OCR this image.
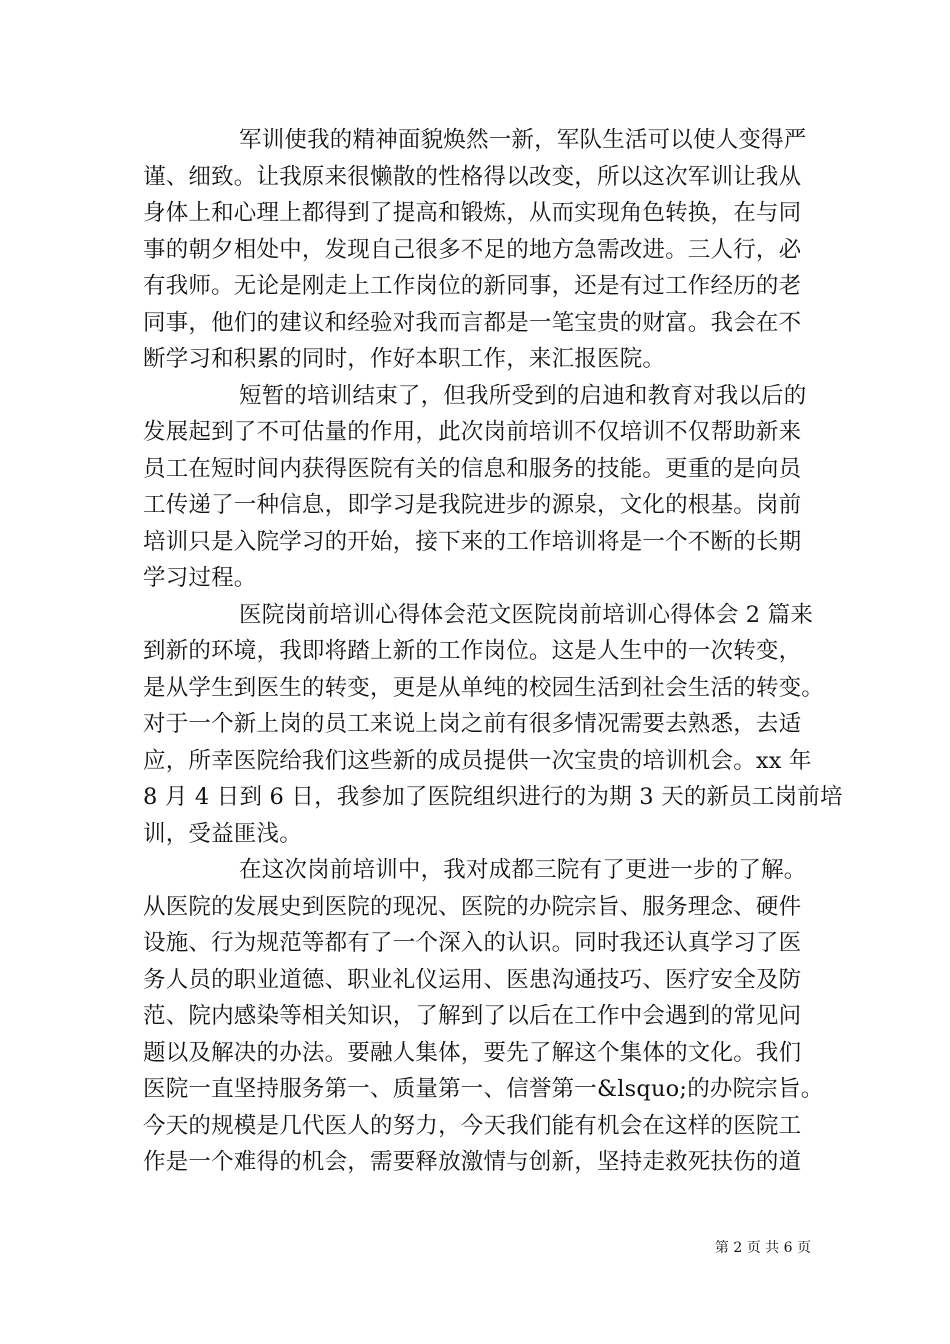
军训使我的精神面貌焕然一新，军队生活可以使人变得严
谨、细致。让我原来很懒散的性格得以改变，所以这次军训让我从
身体上和心理上都得到了提高和锻炼，从而实现角色转换，在与同
事的朝夕相处中，发现自己很多不足的地方急需改进。三人行，必
有我师。无论是刚走上工作岗位的新同事，还是有过工作经历的老
同事，他们的建议和经验对我而言都是一笔宝贵的财富。我会在不
断学习和积累的同时，作好本职工作，来汇报医院。
短暂的培训结束了，但我所受到的启迪和教育对我以后的
发展起到了不可估量的作用，此次岗前培训不仅培训不仅帮助新来
员工在短时间内获得医院有关的信息和服务的技能。更重的是向员
工传递了一种信息，即学习是我院进步的源泉，文化的根基。岗前
培训只是入院学习的开始，接下来的工作培训将是一个不断的长期
学习过程。
医院岗前培训心得体会范文医院岗前培训心得体会 2 篇来
到新的环境，我即将踏上新的工作岗位。这是人生中的一次转变，
是从学生到医生的转变，更是从单纯的校园生活到社会生活的转变。
对于一个新上岗的员工来说上岗之前有很多情况需要去熟悉，去适
应，所幸医院给我们这些新的成员提供一次宝贵的培训机会。xx 年
8 月 4 日到 6 日，我参加了医院组织进行的为期 3 天的新员工岗前培
训，受益匪浅。
在这次岗前培训中，我对成都三院有了更进一步的了解。
从医院的发展史到医院的现况、医院的办院宗旨、服务理念、硬件
设施、行为规范等都有了一个深入的认识。同时我还认真学习了医
务人员的职业道德、职业礼仪运用、医患沟通技巧、医疗安全及防
范、院内感染等相关知识，了解到了以后在工作中会遇到的常见问
题以及解决的办法。要融人集体，要先了解这个集体的文化。我们
医院一直坚持服务第一、质量第一、信誉第一&lsquo;的办院宗旨。
今天的规模是几代医人的努力，今天我们能有机会在这样的医院工
作是一个难得的机会，需要释放激情与创新，坚持走救死扶伤的道
第 2 页 共 6 页
